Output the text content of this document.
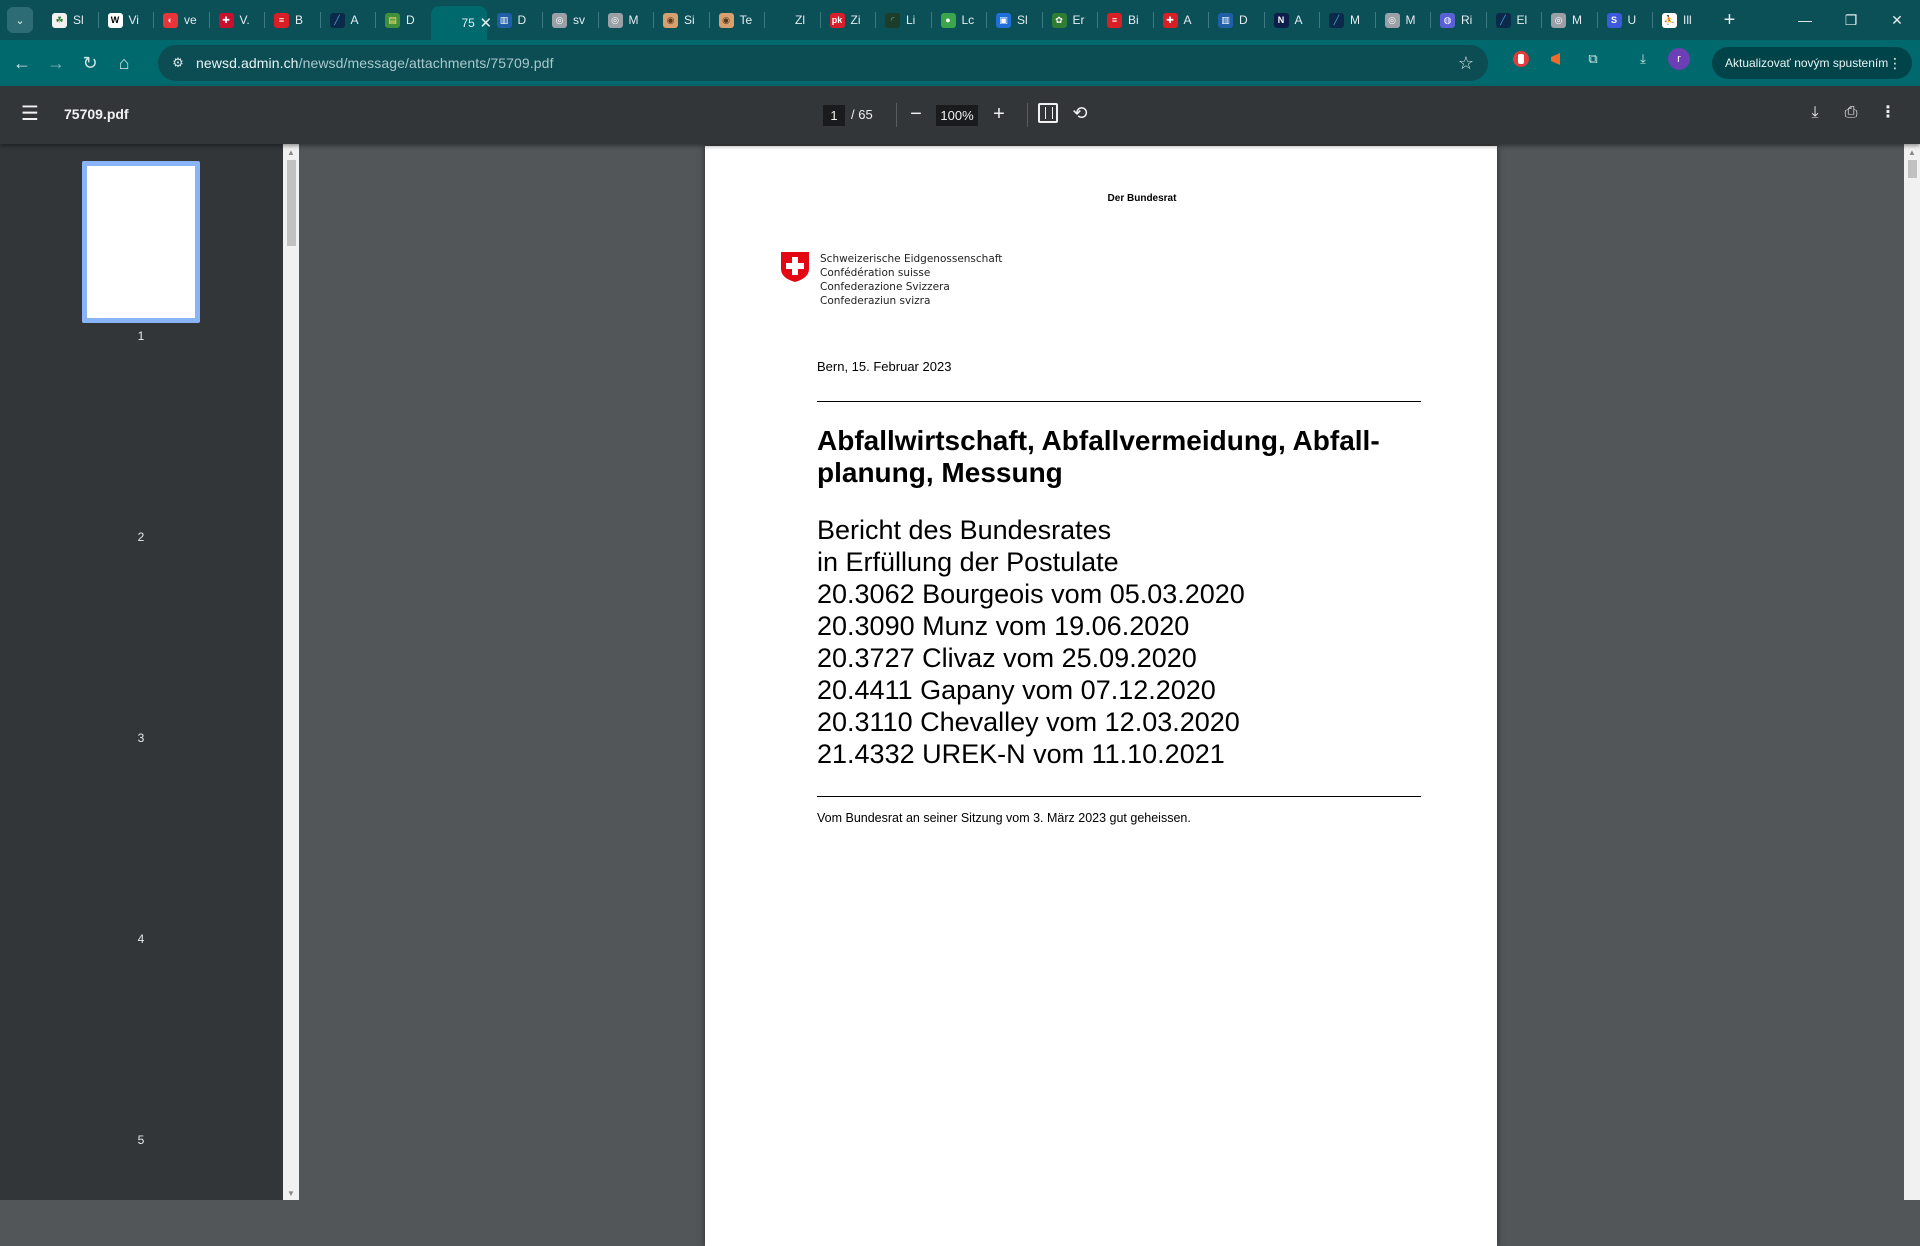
⌄	☘ Sl	W Vi	◐ ve	✚ V.	≡ B	╱ A	▤ D	75 ✕ ▥ D	◎ sv	◎ M	◉ Si	◉ Te	Zl	pk Zi	◜ Li	● Lc	▣ Sl	✿ Er	≡ Bi	✚ A	▥ D	N A	╱ M	◎ M	◍ Ri	╱ El	◎ M	S U	⛹ Ill	+	— ❐ ✕
← → ↻ ⌂	⚙ newsd.admin.ch/newsd/message/attachments/75709.pdf	☆	⧉	⤓	r	Aktualizovať novým spustením ⋮
☰ 75709.pdf	1	/ 65	−	100% +	⟲	⤓	⎙	⋮
1
2
3
4
5
▲
▼
Der Bundesrat
Schweizerische Eidgenossenschaft
Confédération suisse
Confederazione Svizzera
Confederaziun svizra
Bern, 15. Februar 2023
Abfallwirtschaft, Abfallvermeidung, Abfall-planung, Messung
Bericht des Bundesrates
in Erfüllung der Postulate
20.3062 Bourgeois vom 05.03.2020
20.3090 Munz vom 19.06.2020
20.3727 Clivaz vom 25.09.2020
20.4411 Gapany vom 07.12.2020
20.3110 Chevalley vom 12.03.2020
21.4332 UREK-N vom 11.10.2021
Vom Bundesrat an seiner Sitzung vom 3. März 2023 gut geheissen.
▲
